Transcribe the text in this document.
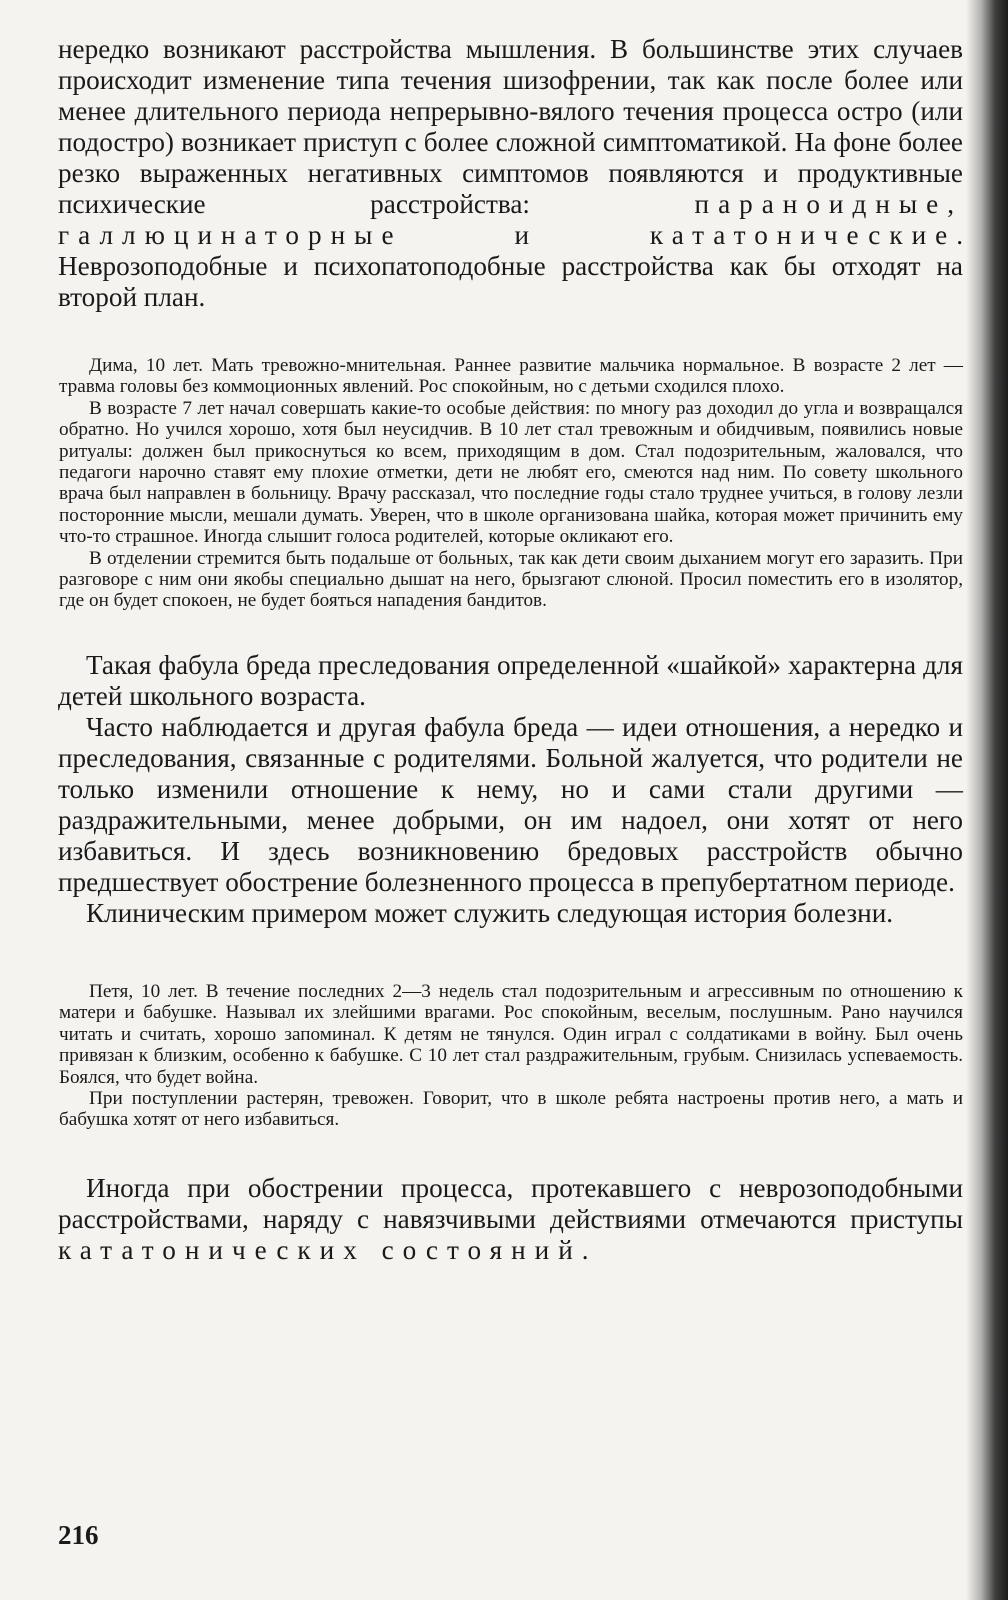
нередко возникают расстройства мышления. В большинстве этих случаев происходит изменение типа течения шизофрении, так как после более или менее длительного периода непрерывно-вялого течения процесса остро (или подостро) возникает приступ с более сложной симптоматикой. На фоне более резко выраженных негативных симптомов появляются и продуктивные психические расстройства: параноидные, галлюцинаторные и кататонические. Неврозоподобные и психопатоподобные расстройства как бы отходят на второй план.

Дима, 10 лет. Мать тревожно-мнительная. Раннее развитие мальчика нормальное. В возрасте 2 лет — травма головы без коммоционных явлений. Рос спокойным, но с детьми сходился плохо.

В возрасте 7 лет начал совершать какие-то особые действия: по многу раз доходил до угла и возвращался обратно. Но учился хорошо, хотя был неусидчив. В 10 лет стал тревожным и обидчивым, появились новые ритуалы: должен был прикоснуться ко всем, приходящим в дом. Стал подозрительным, жаловался, что педагоги нарочно ставят ему плохие отметки, дети не любят его, смеются над ним. По совету школьного врача был направлен в больницу. Врачу рассказал, что последние годы стало труднее учиться, в голову лезли посторонние мысли, мешали думать. Уверен, что в школе организована шайка, которая может причинить ему что-то страшное. Иногда слышит голоса родителей, которые окликают его.

В отделении стремится быть подальше от больных, так как дети своим дыханием могут его заразить. При разговоре с ним они якобы специально дышат на него, брызгают слюной. Просил поместить его в изолятор, где он будет спокоен, не будет бояться нападения бандитов.

Такая фабула бреда преследования определенной «шайкой» характерна для детей школьного возраста.

Часто наблюдается и другая фабула бреда — идеи отношения, а нередко и преследования, связанные с родителями. Больной жалуется, что родители не только изменили отношение к нему, но и сами стали другими — раздражительными, менее добрыми, он им надоел, они хотят от него избавиться. И здесь возникновению бредовых расстройств обычно предшествует обострение болезненного процесса в препубертатном периоде.

Клиническим примером может служить следующая история болезни.

Петя, 10 лет. В течение последних 2—3 недель стал подозрительным и агрессивным по отношению к матери и бабушке. Называл их злейшими врагами. Рос спокойным, веселым, послушным. Рано научился читать и считать, хорошо запоминал. К детям не тянулся. Один играл с солдатиками в войну. Был очень привязан к близким, особенно к бабушке. С 10 лет стал раздражительным, грубым. Снизилась успеваемость. Боялся, что будет война.

При поступлении растерян, тревожен. Говорит, что в школе ребята настроены против него, а мать и бабушка хотят от него избавиться.

Иногда при обострении процесса, протекавшего с неврозоподобными расстройствами, наряду с навязчивыми действиями отмечаются приступы кататонических состояний.

216
